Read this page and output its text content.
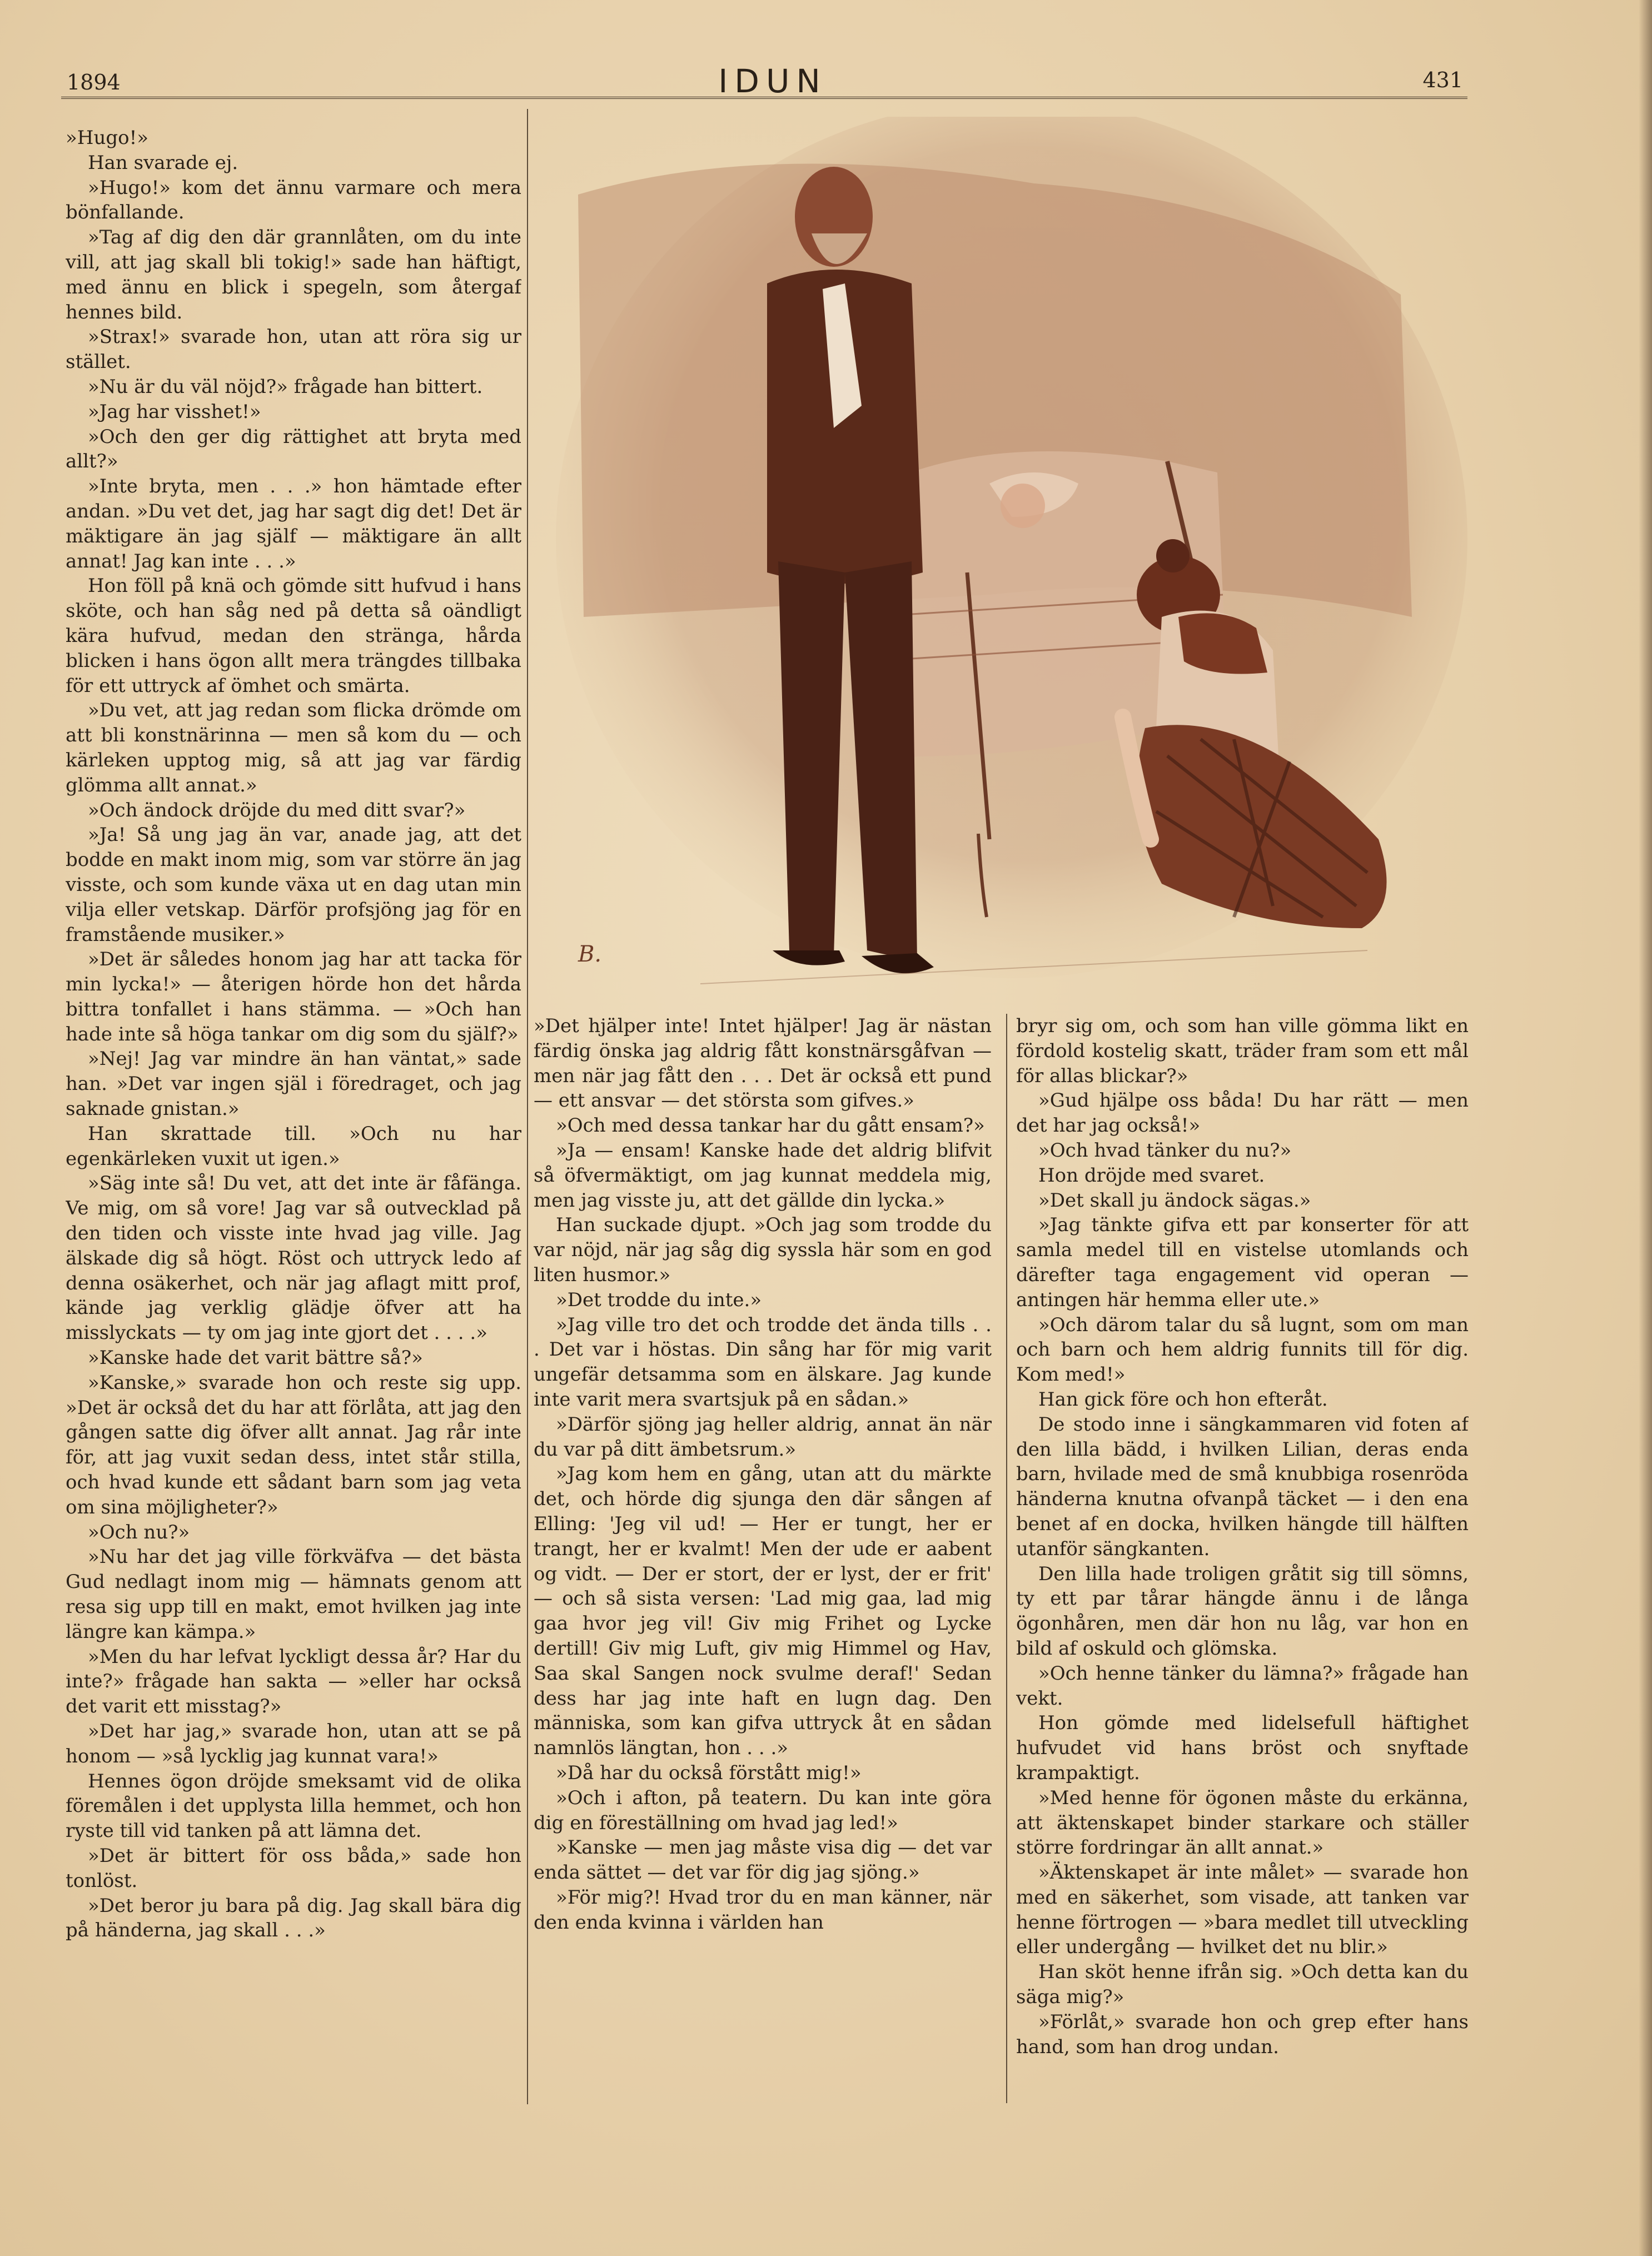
1894	IDUN	431
B.

»Hugo!»

Han svarade ej.

»Hugo!» kom det ännu varmare och mera bönfallande.

»Tag af dig den där grannlåten, om du inte vill, att jag skall bli tokig!» sade han häftigt, med ännu en blick i spegeln, som återgaf hennes bild.

»Strax!» svarade hon, utan att röra sig ur stället.

»Nu är du väl nöjd?» frågade han bittert.

»Jag har visshet!»

»Och den ger dig rättighet att bryta med allt?»

»Inte bryta, men . . .» hon hämtade efter andan. »Du vet det, jag har sagt dig det! Det är mäktigare än jag själf — mäktigare än allt annat! Jag kan inte . . .»

Hon föll på knä och gömde sitt hufvud i hans sköte, och han såg ned på detta så oändligt kära hufvud, medan den stränga, hårda blicken i hans ögon allt mera trängdes tillbaka för ett uttryck af ömhet och smärta.

»Du vet, att jag redan som flicka drömde om att bli konstnärinna — men så kom du — och kärleken upptog mig, så att jag var färdig glömma allt annat.»

»Och ändock dröjde du med ditt svar?»

»Ja! Så ung jag än var, anade jag, att det bodde en makt inom mig, som var större än jag visste, och som kunde växa ut en dag utan min vilja eller vetskap. Därför profsjöng jag för en framstående musiker.»

»Det är således honom jag har att tacka för min lycka!» — återigen hörde hon det hårda bittra tonfallet i hans stämma. — »Och han hade inte så höga tankar om dig som du själf?»

»Nej! Jag var mindre än han väntat,» sade han. »Det var ingen själ i föredraget, och jag saknade gnistan.»

Han skrattade till. »Och nu har egenkärleken vuxit ut igen.»

»Säg inte så! Du vet, att det inte är fåfänga. Ve mig, om så vore! Jag var så outvecklad på den tiden och visste inte hvad jag ville. Jag älskade dig så högt. Röst och uttryck ledo af denna osäkerhet, och när jag aflagt mitt prof, kände jag verklig glädje öfver att ha misslyckats — ty om jag inte gjort det . . . .»

»Kanske hade det varit bättre så?»

»Kanske,» svarade hon och reste sig upp. »Det är också det du har att förlåta, att jag den gången satte dig öfver allt annat. Jag rår inte för, att jag vuxit sedan dess, intet står stilla, och hvad kunde ett sådant barn som jag veta om sina möjligheter?»

»Och nu?»

»Nu har det jag ville förkväfva — det bästa Gud nedlagt inom mig — hämnats genom att resa sig upp till en makt, emot hvilken jag inte längre kan kämpa.»

»Men du har lefvat lyckligt dessa år? Har du inte?» frågade han sakta — »eller har också det varit ett misstag?»

»Det har jag,» svarade hon, utan att se på honom — »så lycklig jag kunnat vara!»

Hennes ögon dröjde smeksamt vid de olika föremålen i det upplysta lilla hemmet, och hon ryste till vid tanken på att lämna det.

»Det är bittert för oss båda,» sade hon tonlöst.

»Det beror ju bara på dig. Jag skall bära dig på händerna, jag skall . . .»

»Det hjälper inte! Intet hjälper! Jag är nästan färdig önska jag aldrig fått konstnärsgåfvan — men när jag fått den . . . Det är också ett pund — ett ansvar — det största som gifves.»

»Och med dessa tankar har du gått ensam?»

»Ja — ensam! Kanske hade det aldrig blifvit så öfvermäktigt, om jag kunnat meddela mig, men jag visste ju, att det gällde din lycka.»

Han suckade djupt. »Och jag som trodde du var nöjd, när jag såg dig syssla här som en god liten husmor.»

»Det trodde du inte.»

»Jag ville tro det och trodde det ända tills . . . Det var i höstas. Din sång har för mig varit ungefär detsamma som en älskare. Jag kunde inte varit mera svartsjuk på en sådan.»

»Därför sjöng jag heller aldrig, annat än när du var på ditt ämbetsrum.»

»Jag kom hem en gång, utan att du märkte det, och hörde dig sjunga den där sången af Elling: 'Jeg vil ud! — Her er tungt, her er trangt, her er kvalmt! Men der ude er aabent og vidt. — Der er stort, der er lyst, der er frit' — och så sista versen: 'Lad mig gaa, lad mig gaa hvor jeg vil! Giv mig Frihet og Lycke dertill! Giv mig Luft, giv mig Himmel og Hav, Saa skal Sangen nock svulme deraf!' Sedan dess har jag inte haft en lugn dag. Den människa, som kan gifva uttryck åt en sådan namnlös längtan, hon . . .»

»Då har du också förstått mig!»

»Och i afton, på teatern. Du kan inte göra dig en föreställning om hvad jag led!»

»Kanske — men jag måste visa dig — det var enda sättet — det var för dig jag sjöng.»

»För mig?! Hvad tror du en man känner, när den enda kvinna i världen han

bryr sig om, och som han ville gömma likt en fördold kostelig skatt, träder fram som ett mål för allas blickar?»

»Gud hjälpe oss båda! Du har rätt — men det har jag också!»

»Och hvad tänker du nu?»

Hon dröjde med svaret.

»Det skall ju ändock sägas.»

»Jag tänkte gifva ett par konserter för att samla medel till en vistelse utomlands och därefter taga engagement vid operan — antingen här hemma eller ute.»

»Och därom talar du så lugnt, som om man och barn och hem aldrig funnits till för dig. Kom med!»

Han gick före och hon efteråt.

De stodo inne i sängkammaren vid foten af den lilla bädd, i hvilken Lilian, deras enda barn, hvilade med de små knubbiga rosenröda händerna knutna ofvanpå täcket — i den ena benet af en docka, hvilken hängde till hälften utanför sängkanten.

Den lilla hade troligen gråtit sig till sömns, ty ett par tårar hängde ännu i de långa ögonhåren, men där hon nu låg, var hon en bild af oskuld och glömska.

»Och henne tänker du lämna?» frågade han vekt.

Hon gömde med lidelsefull häftighet hufvudet vid hans bröst och snyftade krampaktigt.

»Med henne för ögonen måste du erkänna, att äktenskapet binder starkare och ställer större fordringar än allt annat.»

»Äktenskapet är inte målet» — svarade hon med en säkerhet, som visade, att tanken var henne förtrogen — »bara medlet till utveckling eller undergång — hvilket det nu blir.»

Han sköt henne ifrån sig. »Och detta kan du säga mig?»

»Förlåt,» svarade hon och grep efter hans hand, som han drog undan.
